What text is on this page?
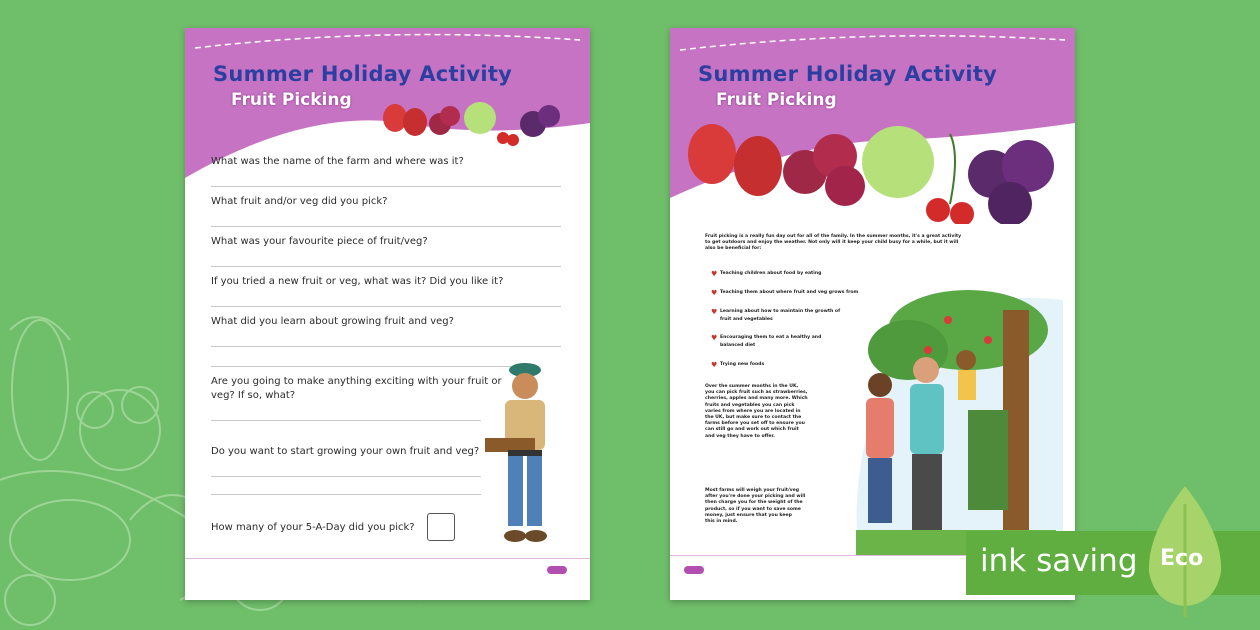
Summer Holiday Activity
Fruit Picking
What was the name of the farm and where was it?
What fruit and/or veg did you pick?
What was your favourite piece of fruit/veg?
If you tried a new fruit or veg, what was it? Did you like it?
What did you learn about growing fruit and veg?
Are you going to make anything exciting with your fruit or
veg? If so, what?
Do you want to start growing your own fruit and veg?
How many of your 5-A-Day did you pick?
Summer Holiday Activity
Fruit Picking
Fruit picking is a really fun day out for all of the family. In the summer months, it's a great activity
to get outdoors and enjoy the weather. Not only will it keep your child busy for a while, but it will
also be beneficial for:
♥ Teaching children about food by eating
♥ Teaching them about where fruit and veg grows from
♥ Learning about how to maintain the growth of
fruit and vegetables
♥ Encouraging them to eat a healthy and
balanced diet
♥ Trying new foods
Over the summer months in the UK,
you can pick fruit such as strawberries,
cherries, apples and many more. Which
fruits and vegetables you can pick
varies from where you are located in
the UK, but make sure to contact the
farms before you set off to ensure you
can still go and work out which fruit
and veg they have to offer.
Most farms will weigh your fruit/veg
after you're done your picking and will
then charge you for the weight of the
product, so if you want to save some
money, just ensure that you keep
this in mind.
ink saving Eco
